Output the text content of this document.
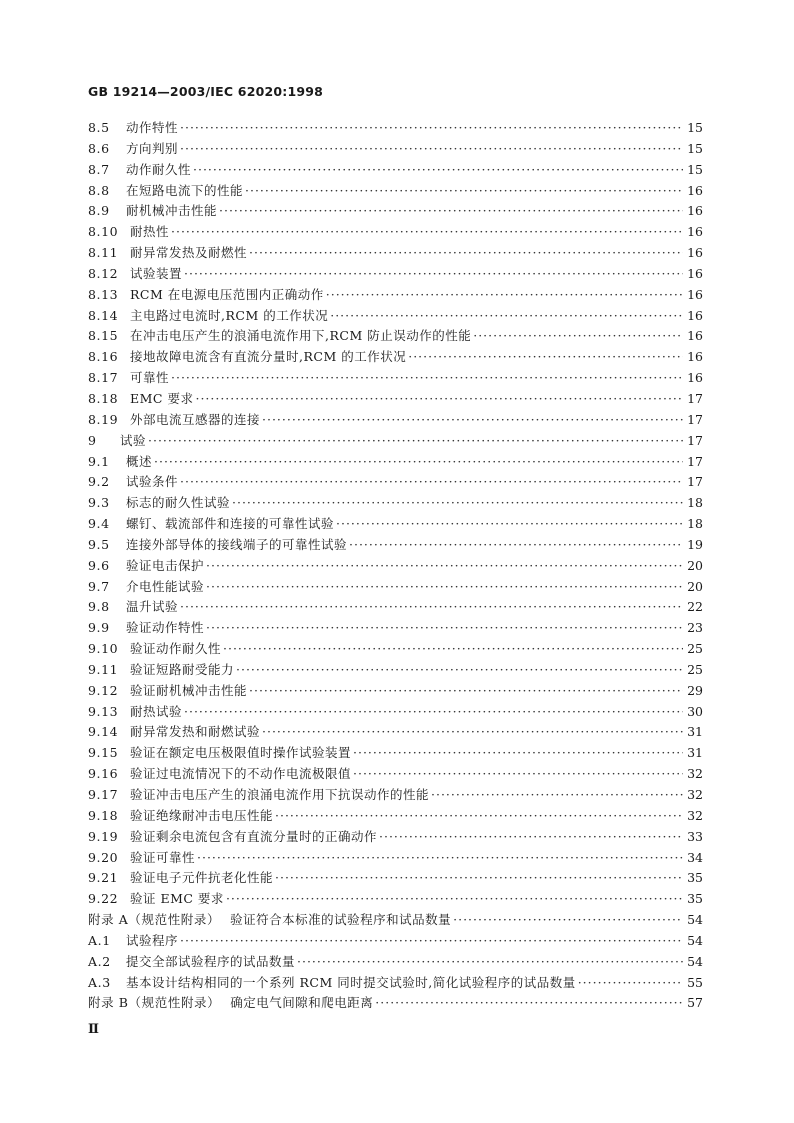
GB 19214—2003/IEC 62020:1998
8.5	动作特性 ·····	15
8.6	方向判别 ·····	15
8.7	动作耐久性 ·····	15
8.8	在短路电流下的性能 ·····	16
8.9	耐机械冲击性能 ·····	16
8.10 耐热性 ·····	16
8.11 耐异常发热及耐燃性 ·····	16
8.12 试验装置 ·····	16
8.13 RCM 在电源电压范围内正确动作 ·····	16
8.14 主电路过电流时,RCM 的工作状况 ·····	16
8.15 在冲击电压产生的浪涌电流作用下,RCM 防止误动作的性能 ·····	16
8.16 接地故障电流含有直流分量时,RCM 的工作状况 ·····	16
8.17 可靠性 ·····	16
8.18 EMC 要求 ·····	17
8.19 外部电流互感器的连接 ·····	17
9	试验 ·····	17
9.1	概述 ·····	17
9.2	试验条件 ·····	17
9.3	标志的耐久性试验 ·····	18
9.4	螺钉、载流部件和连接的可靠性试验 ·····	18
9.5	连接外部导体的接线端子的可靠性试验 ·····	19
9.6	验证电击保护 ·····	20
9.7	介电性能试验 ·····	20
9.8	温升试验 ·····	22
9.9	验证动作特性 ·····	23
9.10 验证动作耐久性 ·····	25
9.11 验证短路耐受能力 ·····	25
9.12 验证耐机械冲击性能 ·····	29
9.13 耐热试验 ·····	30
9.14 耐异常发热和耐燃试验 ·····	31
9.15 验证在额定电压极限值时操作试验装置 ·····	31
9.16 验证过电流情况下的不动作电流极限值 ·····	32
9.17 验证冲击电压产生的浪涌电流作用下抗误动作的性能 ·····	32
9.18 验证绝缘耐冲击电压性能 ·····	32
9.19 验证剩余电流包含有直流分量时的正确动作 ·····	33
9.20 验证可靠性 ·····	34
9.21 验证电子元件抗老化性能 ·····	35
9.22 验证 EMC 要求 ·····	35
附录 A（规范性附录） 验证符合本标准的试验程序和试品数量 ·····	54
A.1	试验程序 ·····	54
A.2	提交全部试验程序的试品数量 ·····	54
A.3	基本设计结构相同的一个系列 RCM 同时提交试验时,简化试验程序的试品数量 ·····	55
附录 B（规范性附录） 确定电气间隙和爬电距离 ·····	57
Ⅱ
